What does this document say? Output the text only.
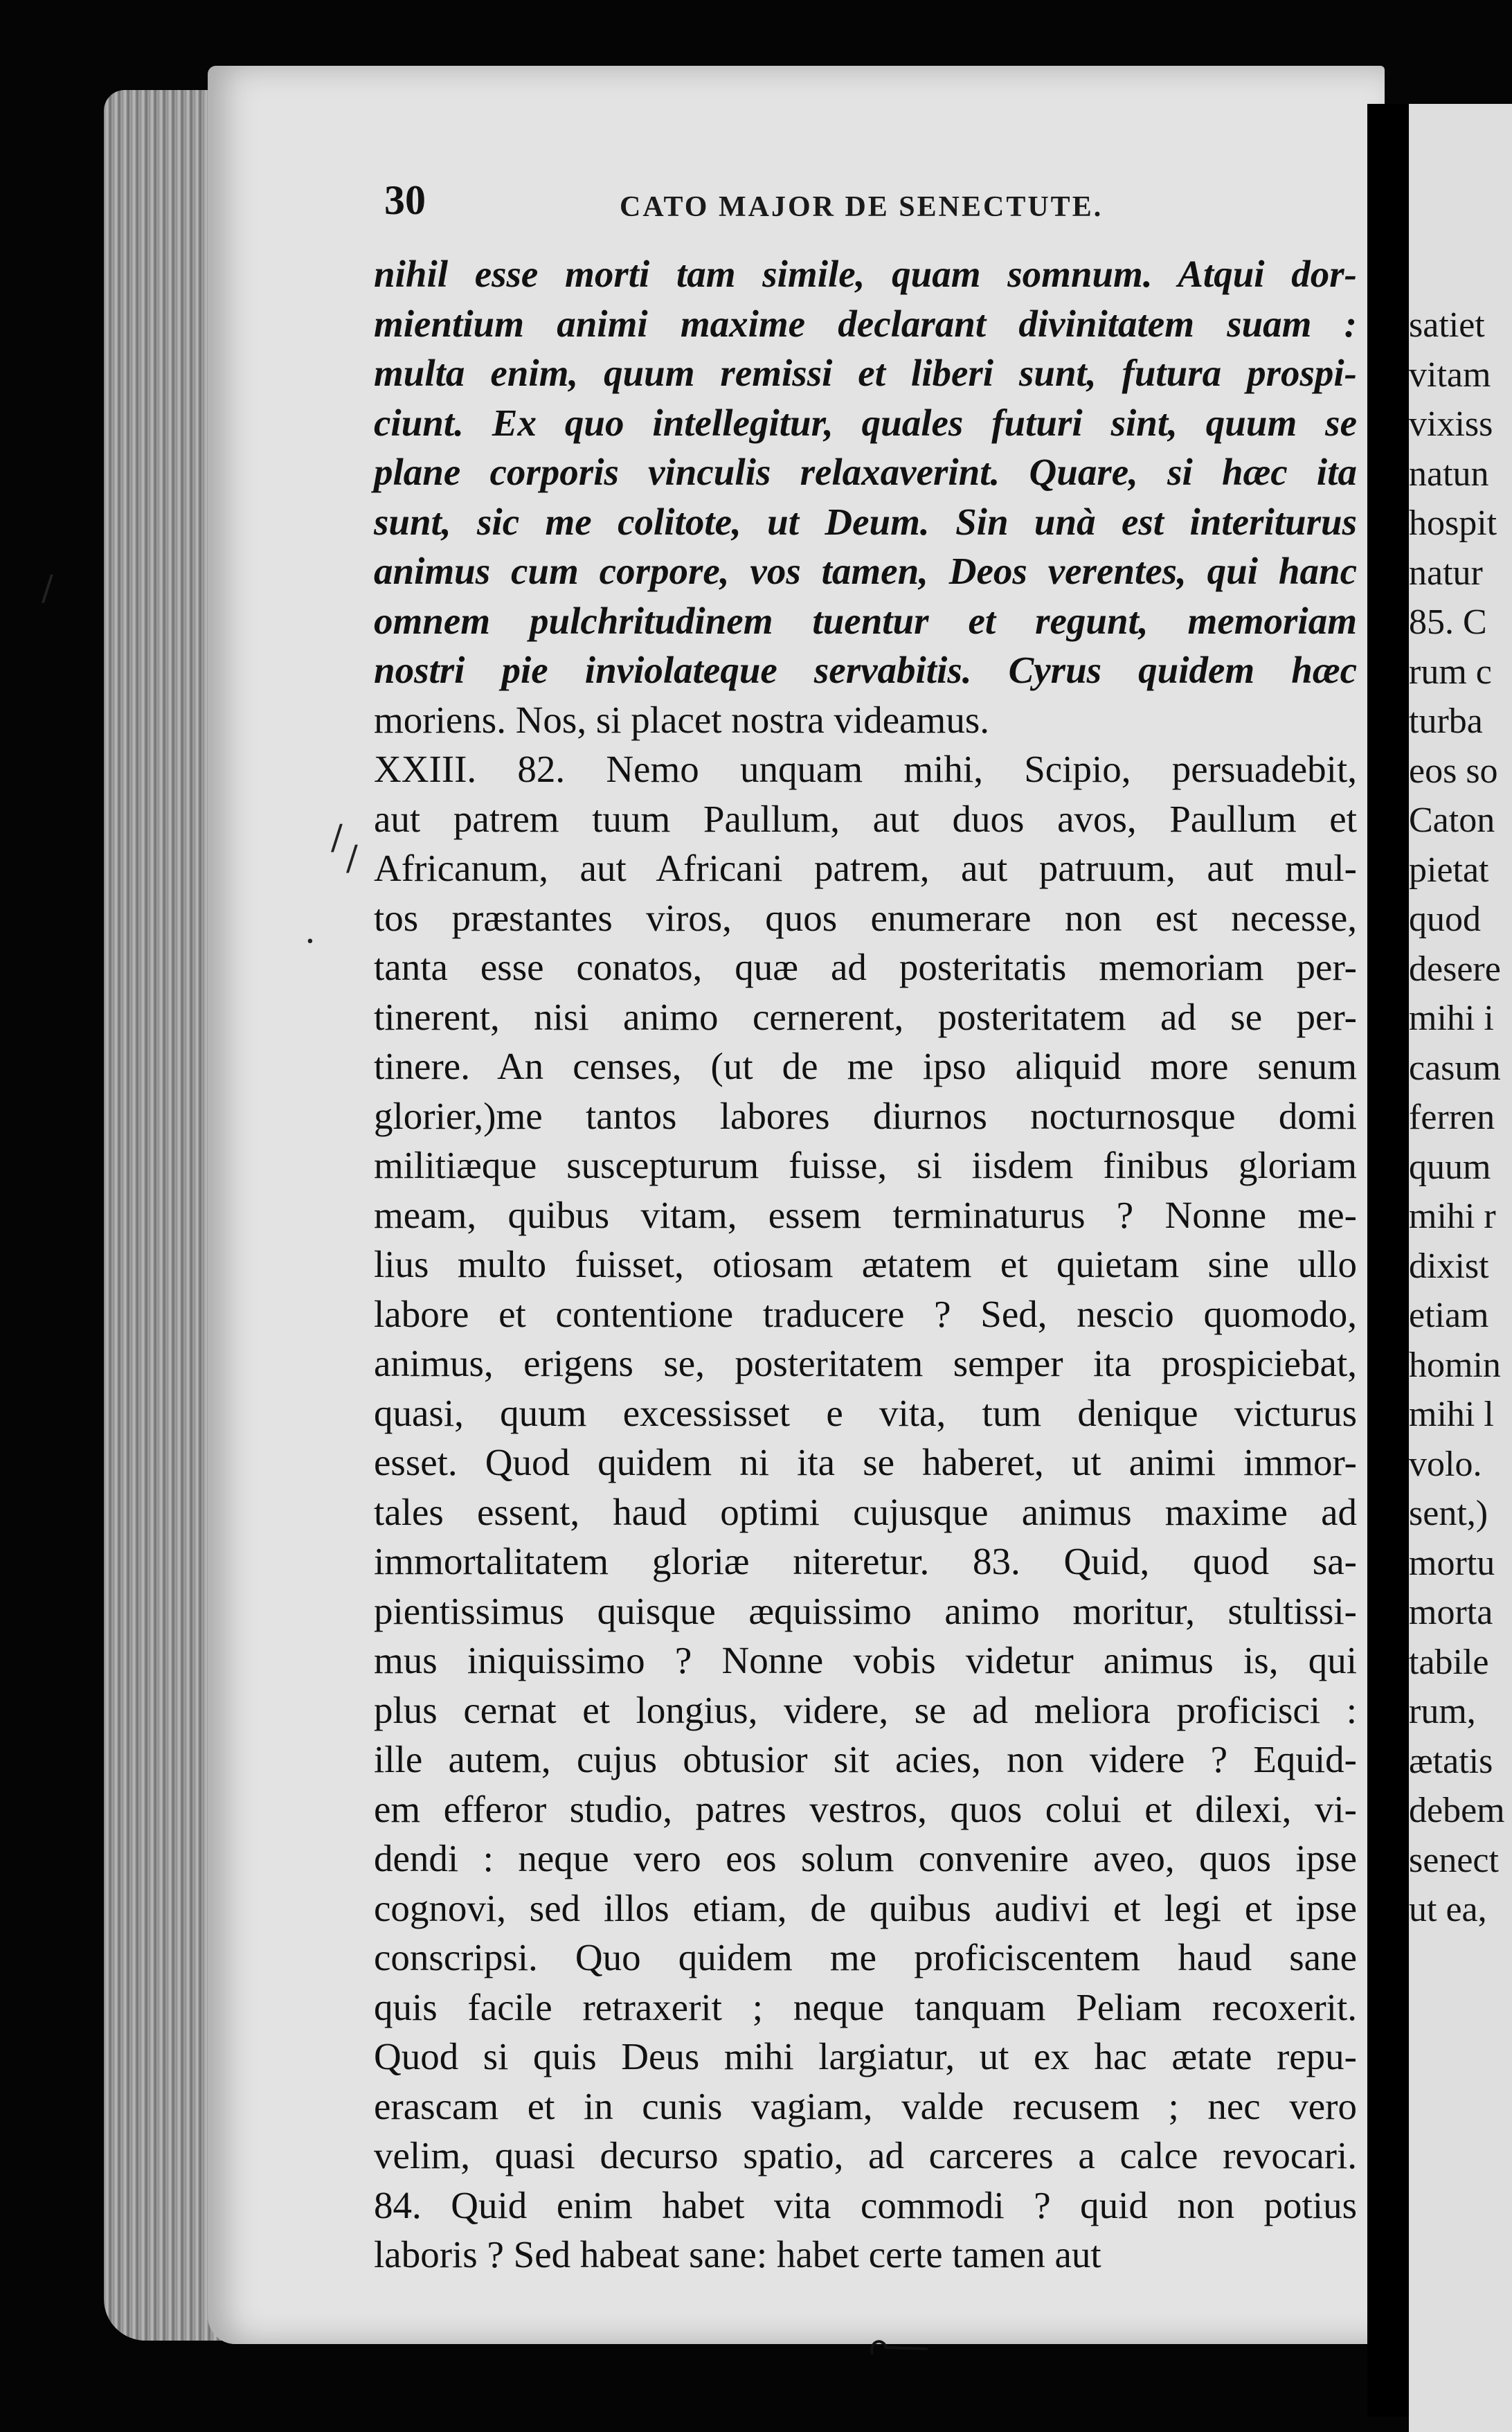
satiet
vitam
vixiss
natun
hospit
natur
85. C
rum c
turba
eos so
Caton
pietat
quod
desere
mihi i
casum
ferren
quum
mihi r
dixist
etiam
homin
mihi l
volo.
sent,)
mortu
morta
tabile
rum,
ætatis
debem
senect
ut ea,
30	CATO MAJOR DE SENECTUTE.
nihil esse morti tam simile, quam somnum. Atqui dor-
mientium animi maxime declarant divinitatem suam :
multa enim, quum remissi et liberi sunt, futura prospi-
ciunt. Ex quo intellegitur, quales futuri sint, quum se
plane corporis vinculis relaxaverint. Quare, si hæc ita
sunt, sic me colitote, ut Deum. Sin unà est interiturus
animus cum corpore, vos tamen, Deos verentes, qui hanc
omnem pulchritudinem tuentur et regunt, memoriam
nostri pie inviolateque servabitis. Cyrus quidem hæc
moriens. Nos, si placet nostra videamus.
XXIII. 82. Nemo unquam mihi, Scipio, persuadebit,
aut patrem tuum Paullum, aut duos avos, Paullum et
Africanum, aut Africani patrem, aut patruum, aut mul-
tos præstantes viros, quos enumerare non est necesse,
tanta esse conatos, quæ ad posteritatis memoriam per-
tinerent, nisi animo cernerent, posteritatem ad se per-
tinere. An censes, (ut de me ipso aliquid more senum
glorier,)me tantos labores diurnos nocturnosque domi
militiæque suscepturum fuisse, si iisdem finibus gloriam
meam, quibus vitam, essem terminaturus ? Nonne me-
lius multo fuisset, otiosam ætatem et quietam sine ullo
labore et contentione traducere ? Sed, nescio quomodo,
animus, erigens se, posteritatem semper ita prospiciebat,
quasi, quum excessisset e vita, tum denique victurus
esset. Quod quidem ni ita se haberet, ut animi immor-
tales essent, haud optimi cujusque animus maxime ad
immortalitatem gloriæ niteretur. 83. Quid, quod sa-
pientissimus quisque æquissimo animo moritur, stultissi-
mus iniquissimo ? Nonne vobis videtur animus is, qui
plus cernat et longius, videre, se ad meliora proficisci :
ille autem, cujus obtusior sit acies, non videre ? Equid-
em efferor studio, patres vestros, quos colui et dilexi, vi-
dendi : neque vero eos solum convenire aveo, quos ipse
cognovi, sed illos etiam, de quibus audivi et legi et ipse
conscripsi. Quo quidem me proficiscentem haud sane
quis facile retraxerit ; neque tanquam Peliam recoxerit.
Quod si quis Deus mihi largiatur, ut ex hac ætate repu-
erascam et in cunis vagiam, valde recusem ; nec vero
velim, quasi decurso spatio, ad carceres a calce revocari.
84. Quid enim habet vita commodi ? quid non potius
laboris ? Sed habeat sane: habet certe tamen aut
/
/
·
/
